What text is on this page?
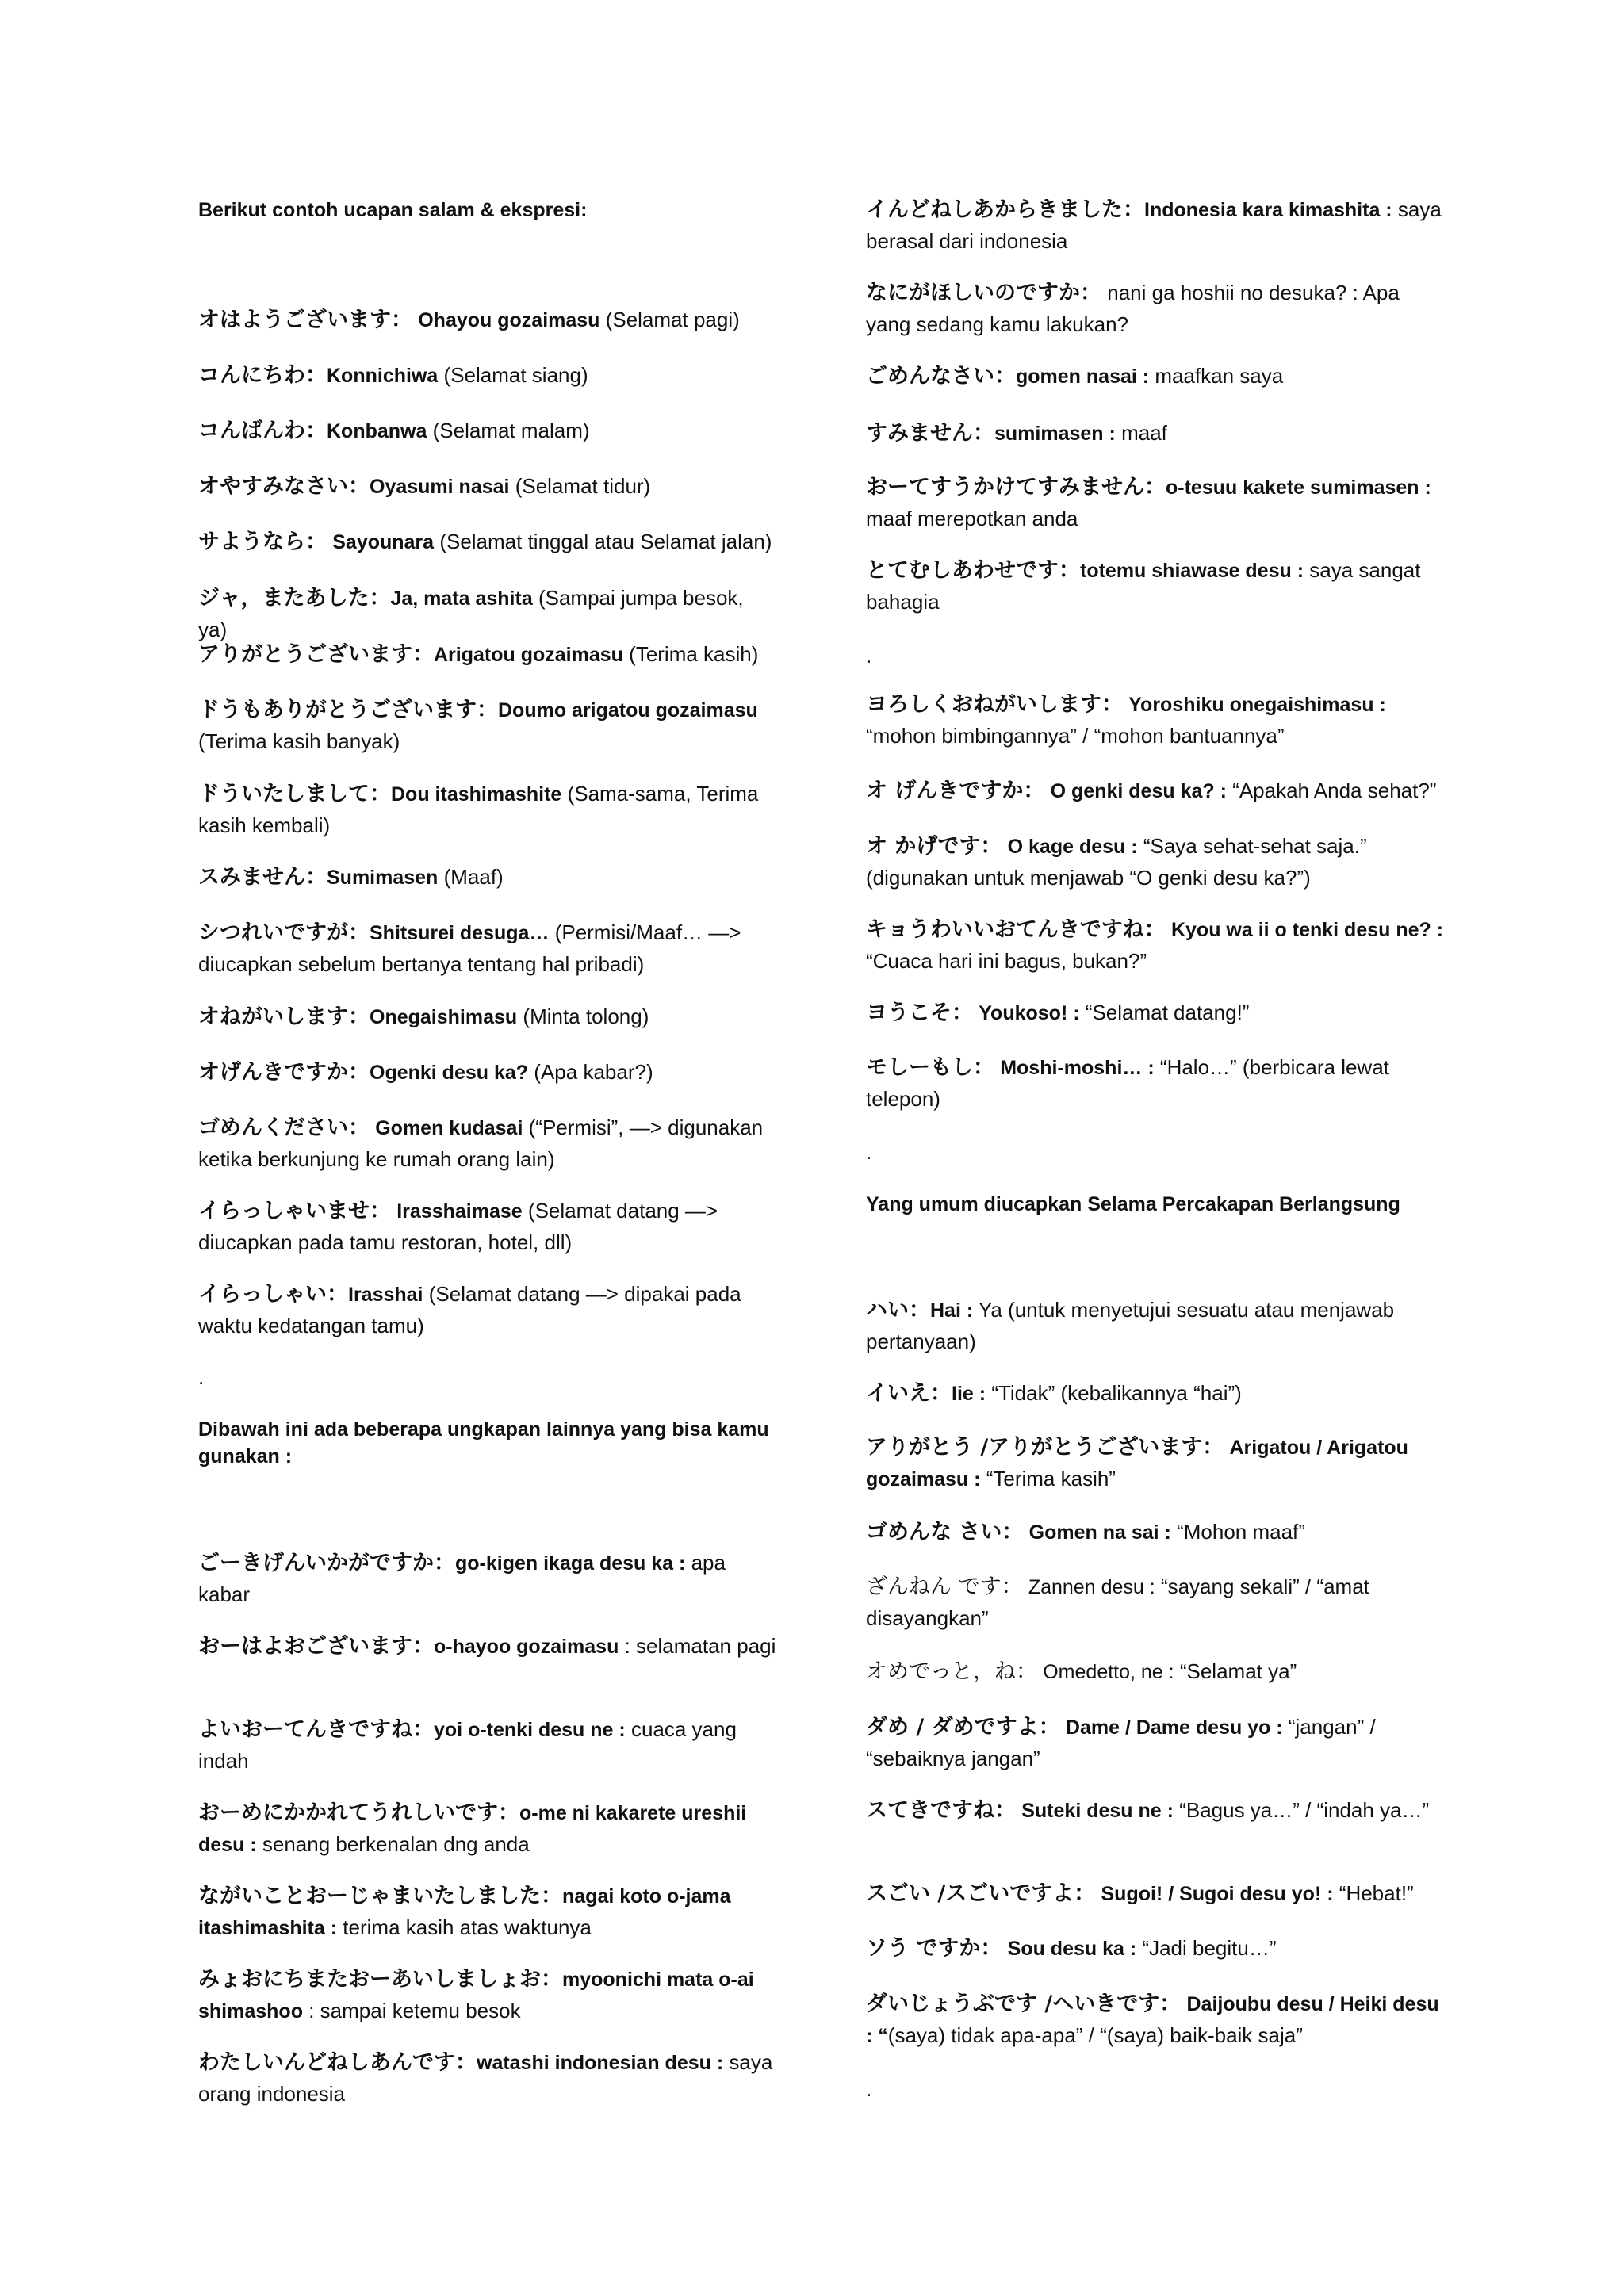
Berikut contoh ucapan salam & ekspresi:

オはようございます： Ohayou gozaimasu (Selamat pagi)

コんにちわ：Konnichiwa (Selamat siang)

コんばんわ：Konbanwa (Selamat malam)

オやすみなさい：Oyasumi nasai (Selamat tidur)

サようなら： Sayounara (Selamat tinggal atau Selamat jalan)

ジャ，またあした：Ja, mata ashita (Sampai jumpa besok, ya)

アりがとうございます：Arigatou gozaimasu (Terima kasih)

ドうもありがとうございます：Doumo arigatou gozaimasu (Terima kasih banyak)

ドういたしまして：Dou itashimashite (Sama-sama, Terima kasih kembali)

スみません：Sumimasen (Maaf)

シつれいですが：Shitsurei desuga… (Permisi/Maaf… —> diucapkan sebelum bertanya tentang hal pribadi)

オねがいします：Onegaishimasu (Minta tolong)

オげんきですか：Ogenki desu ka? (Apa kabar?)

ゴめんください： Gomen kudasai (“Permisi”, —> digunakan ketika berkunjung ke rumah orang lain)

イらっしゃいませ： Irasshaimase (Selamat datang —> diucapkan pada tamu restoran, hotel, dll)

イらっしゃい：Irasshai (Selamat datang —> dipakai pada waktu kedatangan tamu)

.

Dibawah ini ada beberapa ungkapan lainnya yang bisa kamu gunakan :

ごーきげんいかがですか：go-kigen ikaga desu ka : apa kabar

おーはよおございます：o-hayoo gozaimasu : selamatan pagi

よいおーてんきですね：yoi o-tenki desu ne : cuaca yang indah

おーめにかかれてうれしいです：o-me ni kakarete ureshii desu : senang berkenalan dng anda

ながいことおーじゃまいたしました：nagai koto o-jama itashimashita : terima kasih atas waktunya

みょおにちまたおーあいしましょお：myoonichi mata o-ai shimashoo : sampai ketemu besok

わたしいんどねしあんです：watashi indonesian desu : saya orang indonesia

イんどねしあからきました：Indonesia kara kimashita : saya berasal dari indonesia

なにがほしいのですか： nani ga hoshii no desuka? : Apa yang sedang kamu lakukan?

ごめんなさい：gomen nasai : maafkan saya

すみません：sumimasen : maaf

おーてすうかけてすみません：o-tesuu kakete sumimasen : maaf merepotkan anda

とてむしあわせです：totemu shiawase desu : saya sangat bahagia

.

ヨろしくおねがいします： Yoroshiku onegaishimasu : “mohon bimbingannya” / “mohon bantuannya”

オ げんきですか： O genki desu ka? : “Apakah Anda sehat?”

オ かげです： O kage desu : “Saya sehat-sehat saja.” (digunakan untuk menjawab “O genki desu ka?”)

キョうわいいおてんきですね： Kyou wa ii o tenki desu ne? : “Cuaca hari ini bagus, bukan?”

ヨうこそ： Youkoso! : “Selamat datang!”

モしーもし： Moshi-moshi… : “Halo…” (berbicara lewat telepon)

.

Yang umum diucapkan Selama Percakapan Berlangsung

ハい：Hai : Ya (untuk menyetujui sesuatu atau menjawab pertanyaan)

イいえ：Iie : “Tidak” (kebalikannya “hai”)

アりがとう /アりがとうございます： Arigatou / Arigatou gozaimasu : “Terima kasih”

ゴめんな さい： Gomen na sai : “Mohon maaf”

ざんねん です： Zannen desu : “sayang sekali” / “amat disayangkan”

オめでっと，ね： Omedetto, ne : “Selamat ya”

ダめ / ダめですよ： Dame / Dame desu yo : “jangan” / “sebaiknya jangan”

スてきですね： Suteki desu ne : “Bagus ya…” / “indah ya…”

スごい /スごいですよ： Sugoi! / Sugoi desu yo! : “Hebat!”

ソう ですか： Sou desu ka : “Jadi begitu…”

ダいじょうぶです /ヘいきです： Daijoubu desu / Heiki desu : “(saya) tidak apa-apa” / “(saya) baik-baik saja”

.
